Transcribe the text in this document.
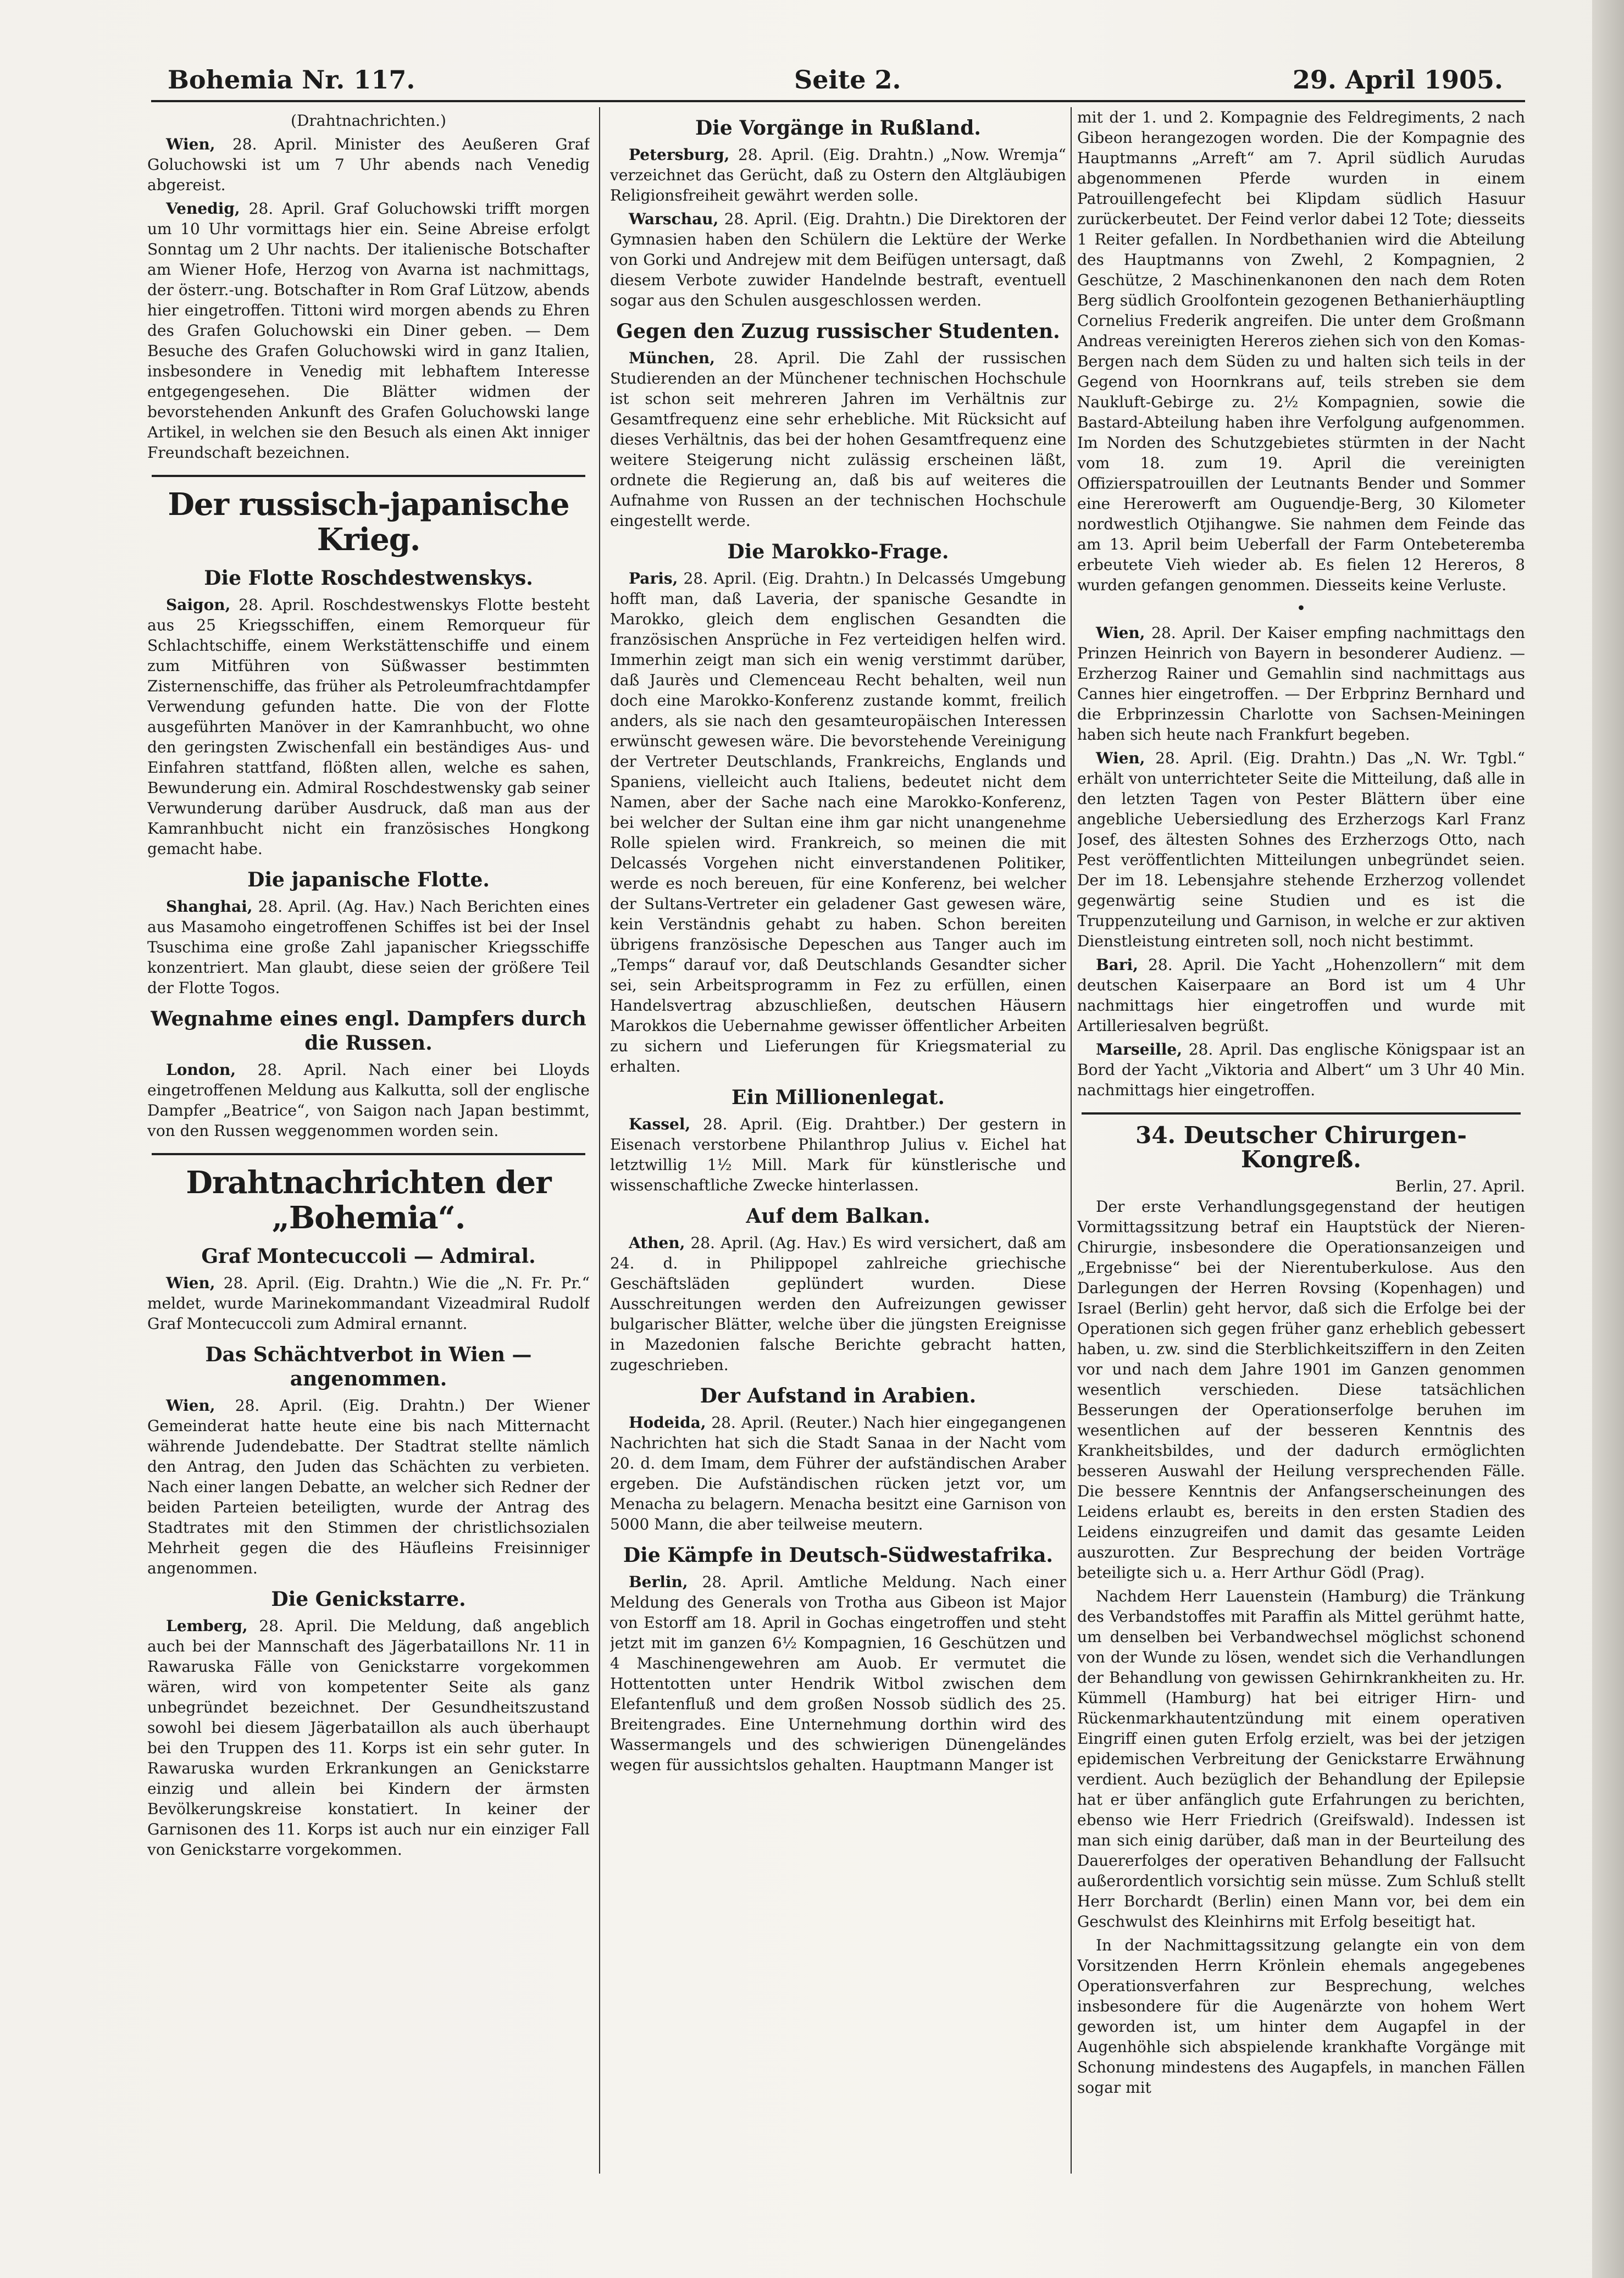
Bohemia Nr. 117.	Seite 2.	29. April 1905.
(Drahtnachrichten.)

Wien, 28. April. Minister des Aeußeren Graf Goluchowski ist um 7 Uhr abends nach Venedig abgereist.

Venedig, 28. April. Graf Goluchowski trifft morgen um 10 Uhr vormittags hier ein. Seine Abreise erfolgt Sonntag um 2 Uhr nachts. Der italienische Botschafter am Wiener Hofe, Herzog von Avarna ist nachmittags, der österr.-ung. Botschafter in Rom Graf Lützow, abends hier eingetroffen. Tittoni wird morgen abends zu Ehren des Grafen Goluchowski ein Diner geben. — Dem Besuche des Grafen Goluchowski wird in ganz Italien, insbesondere in Venedig mit lebhaftem Interesse entgegengesehen. Die Blätter widmen der bevorstehenden Ankunft des Grafen Goluchowski lange Artikel, in welchen sie den Besuch als einen Akt inniger Freundschaft bezeichnen.

Der russisch-japanische Krieg.
Die Flotte Roschdestwenskys.

Saigon, 28. April. Roschdestwenskys Flotte besteht aus 25 Kriegsschiffen, einem Remorqueur für Schlachtschiffe, einem Werkstättenschiffe und einem zum Mitführen von Süßwasser bestimmten Zisternenschiffe, das früher als Petroleumfrachtdampfer Verwendung gefunden hatte. Die von der Flotte ausgeführten Manöver in der Kamranhbucht, wo ohne den geringsten Zwischenfall ein beständiges Aus- und Einfahren stattfand, flößten allen, welche es sahen, Bewunderung ein. Admiral Roschdestwensky gab seiner Verwunderung darüber Ausdruck, daß man aus der Kamranhbucht nicht ein französisches Hongkong gemacht habe.

Die japanische Flotte.

Shanghai, 28. April. (Ag. Hav.) Nach Berichten eines aus Masamoho eingetroffenen Schiffes ist bei der Insel Tsuschima eine große Zahl japanischer Kriegsschiffe konzentriert. Man glaubt, diese seien der größere Teil der Flotte Togos.

Wegnahme eines engl. Dampfers durch die Russen.

London, 28. April. Nach einer bei Lloyds eingetroffenen Meldung aus Kalkutta, soll der englische Dampfer „Beatrice“, von Saigon nach Japan bestimmt, von den Russen weggenommen worden sein.

Drahtnachrichten der „Bohemia“.
Graf Montecuccoli — Admiral.

Wien, 28. April. (Eig. Drahtn.) Wie die „N. Fr. Pr.“ meldet, wurde Marinekommandant Vizeadmiral Rudolf Graf Montecuccoli zum Admiral ernannt.

Das Schächtverbot in Wien — angenommen.

Wien, 28. April. (Eig. Drahtn.) Der Wiener Gemeinderat hatte heute eine bis nach Mitternacht währende Judendebatte. Der Stadtrat stellte nämlich den Antrag, den Juden das Schächten zu verbieten. Nach einer langen Debatte, an welcher sich Redner der beiden Parteien beteiligten, wurde der Antrag des Stadtrates mit den Stimmen der christlichsozialen Mehrheit gegen die des Häufleins Freisinniger angenommen.

Die Genickstarre.

Lemberg, 28. April. Die Meldung, daß angeblich auch bei der Mannschaft des Jägerbataillons Nr. 11 in Rawaruska Fälle von Genickstarre vorgekommen wären, wird von kompetenter Seite als ganz unbegründet bezeichnet. Der Gesundheitszustand sowohl bei diesem Jägerbataillon als auch überhaupt bei den Truppen des 11. Korps ist ein sehr guter. In Rawaruska wurden Erkrankungen an Genickstarre einzig und allein bei Kindern der ärmsten Bevölkerungskreise konstatiert. In keiner der Garnisonen des 11. Korps ist auch nur ein einziger Fall von Genickstarre vorgekommen.

Die Vorgänge in Rußland.

Petersburg, 28. April. (Eig. Drahtn.) „Now. Wremja“ verzeichnet das Gerücht, daß zu Ostern den Altgläubigen Religionsfreiheit gewährt werden solle.

Warschau, 28. April. (Eig. Drahtn.) Die Direktoren der Gymnasien haben den Schülern die Lektüre der Werke von Gorki und Andrejew mit dem Beifügen untersagt, daß diesem Verbote zuwider Handelnde bestraft, eventuell sogar aus den Schulen ausgeschlossen werden.

Gegen den Zuzug russischer Studenten.

München, 28. April. Die Zahl der russischen Studierenden an der Münchener technischen Hochschule ist schon seit mehreren Jahren im Verhältnis zur Gesamtfrequenz eine sehr erhebliche. Mit Rücksicht auf dieses Verhältnis, das bei der hohen Gesamtfrequenz eine weitere Steigerung nicht zulässig erscheinen läßt, ordnete die Regierung an, daß bis auf weiteres die Aufnahme von Russen an der technischen Hochschule eingestellt werde.

Die Marokko-Frage.

Paris, 28. April. (Eig. Drahtn.) In Delcassés Umgebung hofft man, daß Laveria, der spanische Gesandte in Marokko, gleich dem englischen Gesandten die französischen Ansprüche in Fez verteidigen helfen wird. Immerhin zeigt man sich ein wenig verstimmt darüber, daß Jaurès und Clemenceau Recht behalten, weil nun doch eine Marokko-Konferenz zustande kommt, freilich anders, als sie nach den gesamteuropäischen Interessen erwünscht gewesen wäre. Die bevorstehende Vereinigung der Vertreter Deutschlands, Frankreichs, Englands und Spaniens, vielleicht auch Italiens, bedeutet nicht dem Namen, aber der Sache nach eine Marokko-Konferenz, bei welcher der Sultan eine ihm gar nicht unangenehme Rolle spielen wird. Frankreich, so meinen die mit Delcassés Vorgehen nicht einverstandenen Politiker, werde es noch bereuen, für eine Konferenz, bei welcher der Sultans-Vertreter ein geladener Gast gewesen wäre, kein Verständnis gehabt zu haben. Schon bereiten übrigens französische Depeschen aus Tanger auch im „Temps“ darauf vor, daß Deutschlands Gesandter sicher sei, sein Arbeitsprogramm in Fez zu erfüllen, einen Handelsvertrag abzuschließen, deutschen Häusern Marokkos die Uebernahme gewisser öffentlicher Arbeiten zu sichern und Lieferungen für Kriegsmaterial zu erhalten.

Ein Millionenlegat.

Kassel, 28. April. (Eig. Drahtber.) Der gestern in Eisenach verstorbene Philanthrop Julius v. Eichel hat letztwillig 1½ Mill. Mark für künstlerische und wissenschaftliche Zwecke hinterlassen.

Auf dem Balkan.

Athen, 28. April. (Ag. Hav.) Es wird versichert, daß am 24. d. in Philippopel zahlreiche griechische Geschäftsläden geplündert wurden. Diese Ausschreitungen werden den Aufreizungen gewisser bulgarischer Blätter, welche über die jüngsten Ereignisse in Mazedonien falsche Berichte gebracht hatten, zugeschrieben.

Der Aufstand in Arabien.

Hodeida, 28. April. (Reuter.) Nach hier eingegangenen Nachrichten hat sich die Stadt Sanaa in der Nacht vom 20. d. dem Imam, dem Führer der aufständischen Araber ergeben. Die Aufständischen rücken jetzt vor, um Menacha zu belagern. Menacha besitzt eine Garnison von 5000 Mann, die aber teilweise meutern.

Die Kämpfe in Deutsch-Südwestafrika.

Berlin, 28. April. Amtliche Meldung. Nach einer Meldung des Generals von Trotha aus Gibeon ist Major von Estorff am 18. April in Gochas eingetroffen und steht jetzt mit im ganzen 6½ Kompagnien, 16 Geschützen und 4 Maschinengewehren am Auob. Er vermutet die Hottentotten unter Hendrik Witbol zwischen dem Elefantenfluß und dem großen Nossob südlich des 25. Breitengrades. Eine Unternehmung dorthin wird des Wassermangels und des schwierigen Dünengeländes wegen für aussichtslos gehalten. Hauptmann Manger ist

mit der 1. und 2. Kompagnie des Feldregiments, 2 nach Gibeon herangezogen worden. Die der Kompagnie des Hauptmanns „Arreft“ am 7. April südlich Aurudas abgenommenen Pferde wurden in einem Patrouillengefecht bei Klipdam südlich Hasuur zurückerbeutet. Der Feind verlor dabei 12 Tote; diesseits 1 Reiter gefallen. In Nordbethanien wird die Abteilung des Hauptmanns von Zwehl, 2 Kompagnien, 2 Geschütze, 2 Maschinenkanonen den nach dem Roten Berg südlich Groolfontein gezogenen Bethanierhäuptling Cornelius Frederik angreifen. Die unter dem Großmann Andreas vereinigten Hereros ziehen sich von den Komas-Bergen nach dem Süden zu und halten sich teils in der Gegend von Hoornkrans auf, teils streben sie dem Naukluft-Gebirge zu. 2½ Kompagnien, sowie die Bastard-Abteilung haben ihre Verfolgung aufgenommen. Im Norden des Schutzgebietes stürmten in der Nacht vom 18. zum 19. April die vereinigten Offizierspatrouillen der Leutnants Bender und Sommer eine Hererowerft am Ouguendje-Berg, 30 Kilometer nordwestlich Otjihangwe. Sie nahmen dem Feinde das am 13. April beim Ueberfall der Farm Ontebeteremba erbeutete Vieh wieder ab. Es fielen 12 Hereros, 8 wurden gefangen genommen. Diesseits keine Verluste.

•

Wien, 28. April. Der Kaiser empfing nachmittags den Prinzen Heinrich von Bayern in besonderer Audienz. — Erzherzog Rainer und Gemahlin sind nachmittags aus Cannes hier eingetroffen. — Der Erbprinz Bernhard und die Erbprinzessin Charlotte von Sachsen-Meiningen haben sich heute nach Frankfurt begeben.

Wien, 28. April. (Eig. Drahtn.) Das „N. Wr. Tgbl.“ erhält von unterrichteter Seite die Mitteilung, daß alle in den letzten Tagen von Pester Blättern über eine angebliche Uebersiedlung des Erzherzogs Karl Franz Josef, des ältesten Sohnes des Erzherzogs Otto, nach Pest veröffentlichten Mitteilungen unbegründet seien. Der im 18. Lebensjahre stehende Erzherzog vollendet gegenwärtig seine Studien und es ist die Truppenzuteilung und Garnison, in welche er zur aktiven Dienstleistung eintreten soll, noch nicht bestimmt.

Bari, 28. April. Die Yacht „Hohenzollern“ mit dem deutschen Kaiserpaare an Bord ist um 4 Uhr nachmittags hier eingetroffen und wurde mit Artilleriesalven begrüßt.

Marseille, 28. April. Das englische Königspaar ist an Bord der Yacht „Viktoria and Albert“ um 3 Uhr 40 Min. nachmittags hier eingetroffen.

34. Deutscher Chirurgen-Kongreß.
Berlin, 27. April.

Der erste Verhandlungsgegenstand der heutigen Vormittagssitzung betraf ein Hauptstück der Nieren-Chirurgie, insbesondere die Operationsanzeigen und „Ergebnisse“ bei der Nierentuberkulose. Aus den Darlegungen der Herren Rovsing (Kopenhagen) und Israel (Berlin) geht hervor, daß sich die Erfolge bei der Operationen sich gegen früher ganz erheblich gebessert haben, u. zw. sind die Sterblichkeitsziffern in den Zeiten vor und nach dem Jahre 1901 im Ganzen genommen wesentlich verschieden. Diese tatsächlichen Besserungen der Operationserfolge beruhen im wesentlichen auf der besseren Kenntnis des Krankheitsbildes, und der dadurch ermöglichten besseren Auswahl der Heilung versprechenden Fälle. Die bessere Kenntnis der Anfangserscheinungen des Leidens erlaubt es, bereits in den ersten Stadien des Leidens einzugreifen und damit das gesamte Leiden auszurotten. Zur Besprechung der beiden Vorträge beteiligte sich u. a. Herr Arthur Gödl (Prag).

Nachdem Herr Lauenstein (Hamburg) die Tränkung des Verbandstoffes mit Paraffin als Mittel gerühmt hatte, um denselben bei Verbandwechsel möglichst schonend von der Wunde zu lösen, wendet sich die Verhandlungen der Behandlung von gewissen Gehirnkrankheiten zu. Hr. Kümmell (Hamburg) hat bei eitriger Hirn- und Rückenmarkhautentzündung mit einem operativen Eingriff einen guten Erfolg erzielt, was bei der jetzigen epidemischen Verbreitung der Genickstarre Erwähnung verdient. Auch bezüglich der Behandlung der Epilepsie hat er über anfänglich gute Erfahrungen zu berichten, ebenso wie Herr Friedrich (Greifswald). Indessen ist man sich einig darüber, daß man in der Beurteilung des Dauererfolges der operativen Behandlung der Fallsucht außerordentlich vorsichtig sein müsse. Zum Schluß stellt Herr Borchardt (Berlin) einen Mann vor, bei dem ein Geschwulst des Kleinhirns mit Erfolg beseitigt hat.

In der Nachmittagssitzung gelangte ein von dem Vorsitzenden Herrn Krönlein ehemals angegebenes Operationsverfahren zur Besprechung, welches insbesondere für die Augenärzte von hohem Wert geworden ist, um hinter dem Augapfel in der Augenhöhle sich abspielende krankhafte Vorgänge mit Schonung mindestens des Augapfels, in manchen Fällen sogar mit
